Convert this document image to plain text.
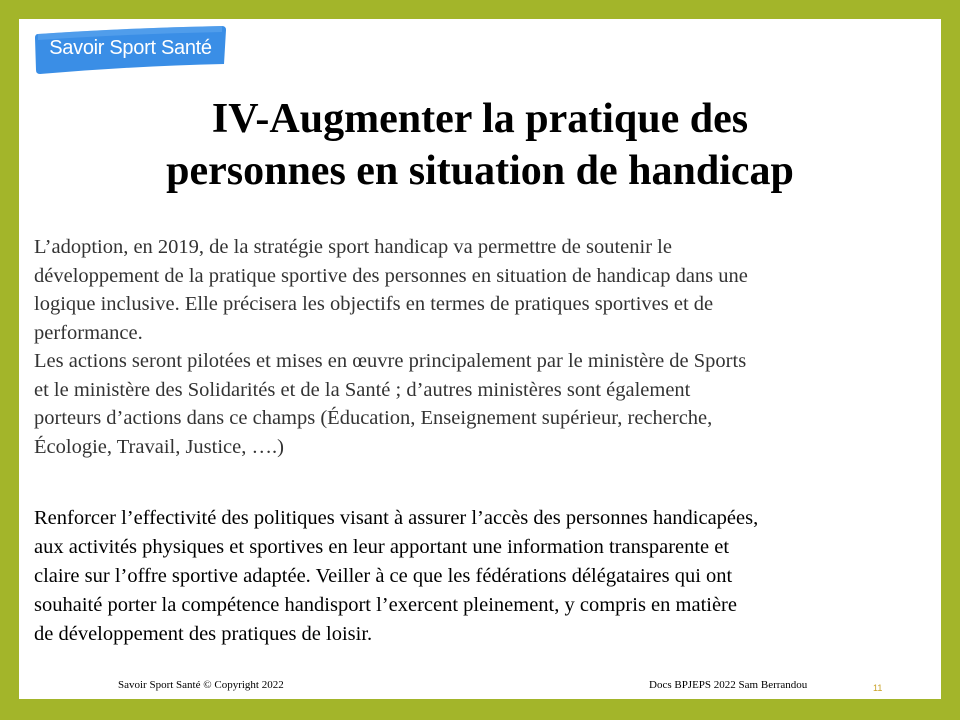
Savoir Sport Santé
IV-Augmenter la pratique des
personnes en situation de handicap
L’adoption, en 2019, de la stratégie sport handicap va permettre de soutenir le
développement de la pratique sportive des personnes en situation de handicap dans une
logique inclusive. Elle précisera les objectifs en termes de pratiques sportives et de
performance.
Les actions seront pilotées et mises en œuvre principalement par le ministère de Sports
et le ministère des Solidarités et de la Santé ; d’autres ministères sont également
porteurs d’actions dans ce champs (Éducation, Enseignement supérieur, recherche,
Écologie, Travail, Justice, ….)
Renforcer l’effectivité des politiques visant à assurer l’accès des personnes handicapées,
aux activités physiques et sportives en leur apportant une information transparente et
claire sur l’offre sportive adaptée. Veiller à ce que les fédérations délégataires qui ont
souhaité porter la compétence handisport l’exercent pleinement, y compris en matière
de développement des pratiques de loisir.
Savoir Sport Santé © Copyright 2022	Docs BPJEPS 2022 Sam Berrandou	11
